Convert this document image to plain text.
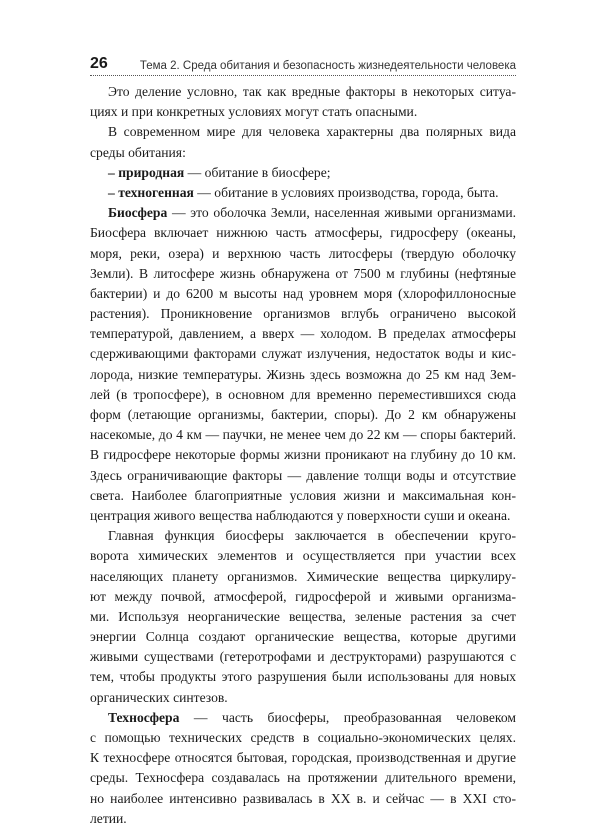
26	Тема 2. Среда обитания и безопасность жизнедеятельности человека
Это деление условно, так как вредные факторы в некоторых ситуа-
циях и при конкретных условиях могут стать опасными.
В современном мире для человека характерны два полярных вида
среды обитания:
– природная — обитание в биосфере;
– техногенная — обитание в условиях производства, города, быта.
Биосфера — это оболочка Земли, населенная живыми организмами.
Биосфера включает нижнюю часть атмосферы, гидросферу (океаны,
моря, реки, озера) и верхнюю часть литосферы (твердую оболочку
Земли). В литосфере жизнь обнаружена от 7500 м глубины (нефтяные
бактерии) и до 6200 м высоты над уровнем моря (хлорофиллоносные
растения). Проникновение организмов вглубь ограничено высокой
температурой, давлением, а вверх — холодом. В пределах атмосферы
сдерживающими факторами служат излучения, недостаток воды и кис-
лорода, низкие температуры. Жизнь здесь возможна до 25 км над Зем-
лей (в тропосфере), в основном для временно переместившихся сюда
форм (летающие организмы, бактерии, споры). До 2 км обнаружены
насекомые, до 4 км — паучки, не менее чем до 22 км — споры бактерий.
В гидросфере некоторые формы жизни проникают на глубину до 10 км.
Здесь ограничивающие факторы — давление толщи воды и отсутствие
света. Наиболее благоприятные условия жизни и максимальная кон-
центрация живого вещества наблюдаются у поверхности суши и океана.
Главная функция биосферы заключается в обеспечении круго-
ворота химических элементов и осуществляется при участии всех
населяющих планету организмов. Химические вещества циркулиру-
ют между почвой, атмосферой, гидросферой и живыми организма-
ми. Используя неорганические вещества, зеленые растения за счет
энергии Солнца создают органические вещества, которые другими
живыми существами (гетеротрофами и деструкторами) разрушаются с
тем, чтобы продукты этого разрушения были использованы для новых
органических синтезов.
Техносфера — часть биосферы, преобразованная человеком
с помощью технических средств в социально-экономических целях.
К техносфере относятся бытовая, городская, производственная и другие
среды. Техносфера создавалась на протяжении длительного времени,
но наиболее интенсивно развивалась в XX в. и сейчас — в XXI сто-
летии.
